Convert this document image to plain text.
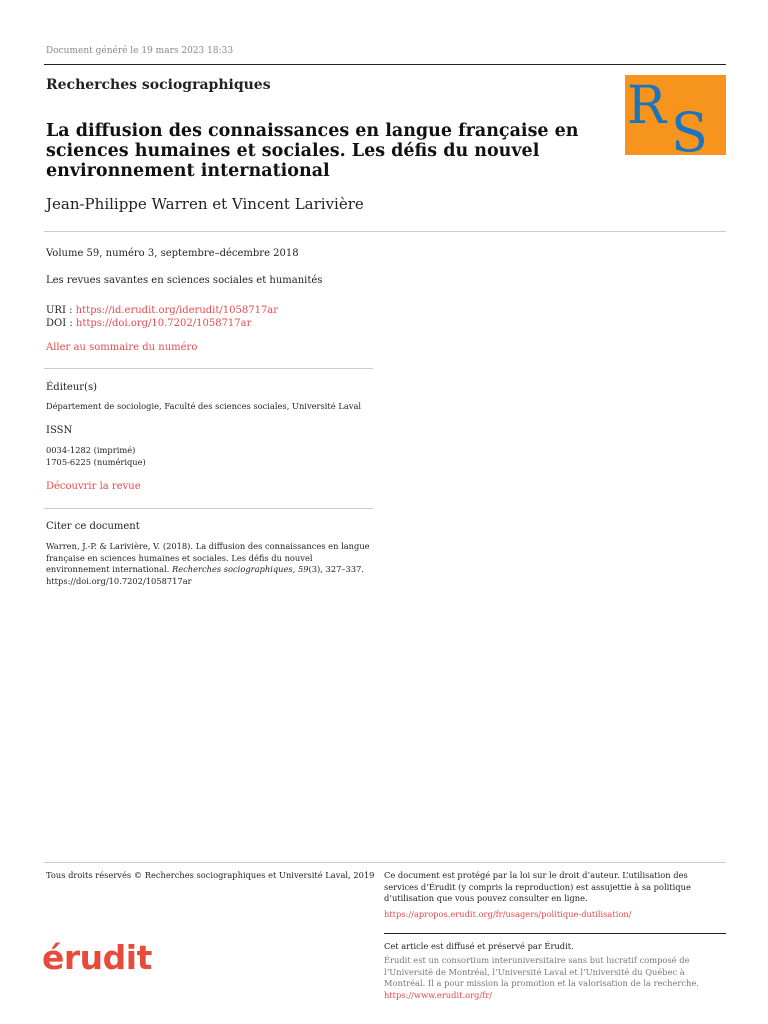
Document généré le 19 mars 2023 18:33
Recherches sociographiques	R S
La diffusion des connaissances en langue française en sciences humaines et sociales. Les défis du nouvel environnement international
Jean-Philippe Warren et Vincent Larivière
Volume 59, numéro 3, septembre–décembre 2018
Les revues savantes en sciences sociales et humanités
URI : https://id.erudit.org/iderudit/1058717ar
DOI : https://doi.org/10.7202/1058717ar
Aller au sommaire du numéro
Éditeur(s)
Département de sociologie, Faculté des sciences sociales, Université Laval
ISSN
0034-1282 (imprimé)
1705-6225 (numérique)
Découvrir la revue
Citer ce document
Warren, J.-P. & Larivière, V. (2018). La diffusion des connaissances en langue française en sciences humaines et sociales. Les défis du nouvel environnement international. Recherches sociographiques, 59(3), 327–337. https://doi.org/10.7202/1058717ar
Tous droits réservés © Recherches sociographiques et Université Laval, 2019 Ce document est protégé par la loi sur le droit d’auteur. L’utilisation des services d’Érudit (y compris la reproduction) est assujettie à sa politique d’utilisation que vous pouvez consulter en ligne.
https://apropos.erudit.org/fr/usagers/politique-dutilisation/
érudit	Cet article est diffusé et préservé par Érudit.
Érudit est un consortium interuniversitaire sans but lucratif composé de l’Université de Montréal, l’Université Laval et l’Université du Québec à Montréal. Il a pour mission la promotion et la valorisation de la recherche.
https://www.erudit.org/fr/
